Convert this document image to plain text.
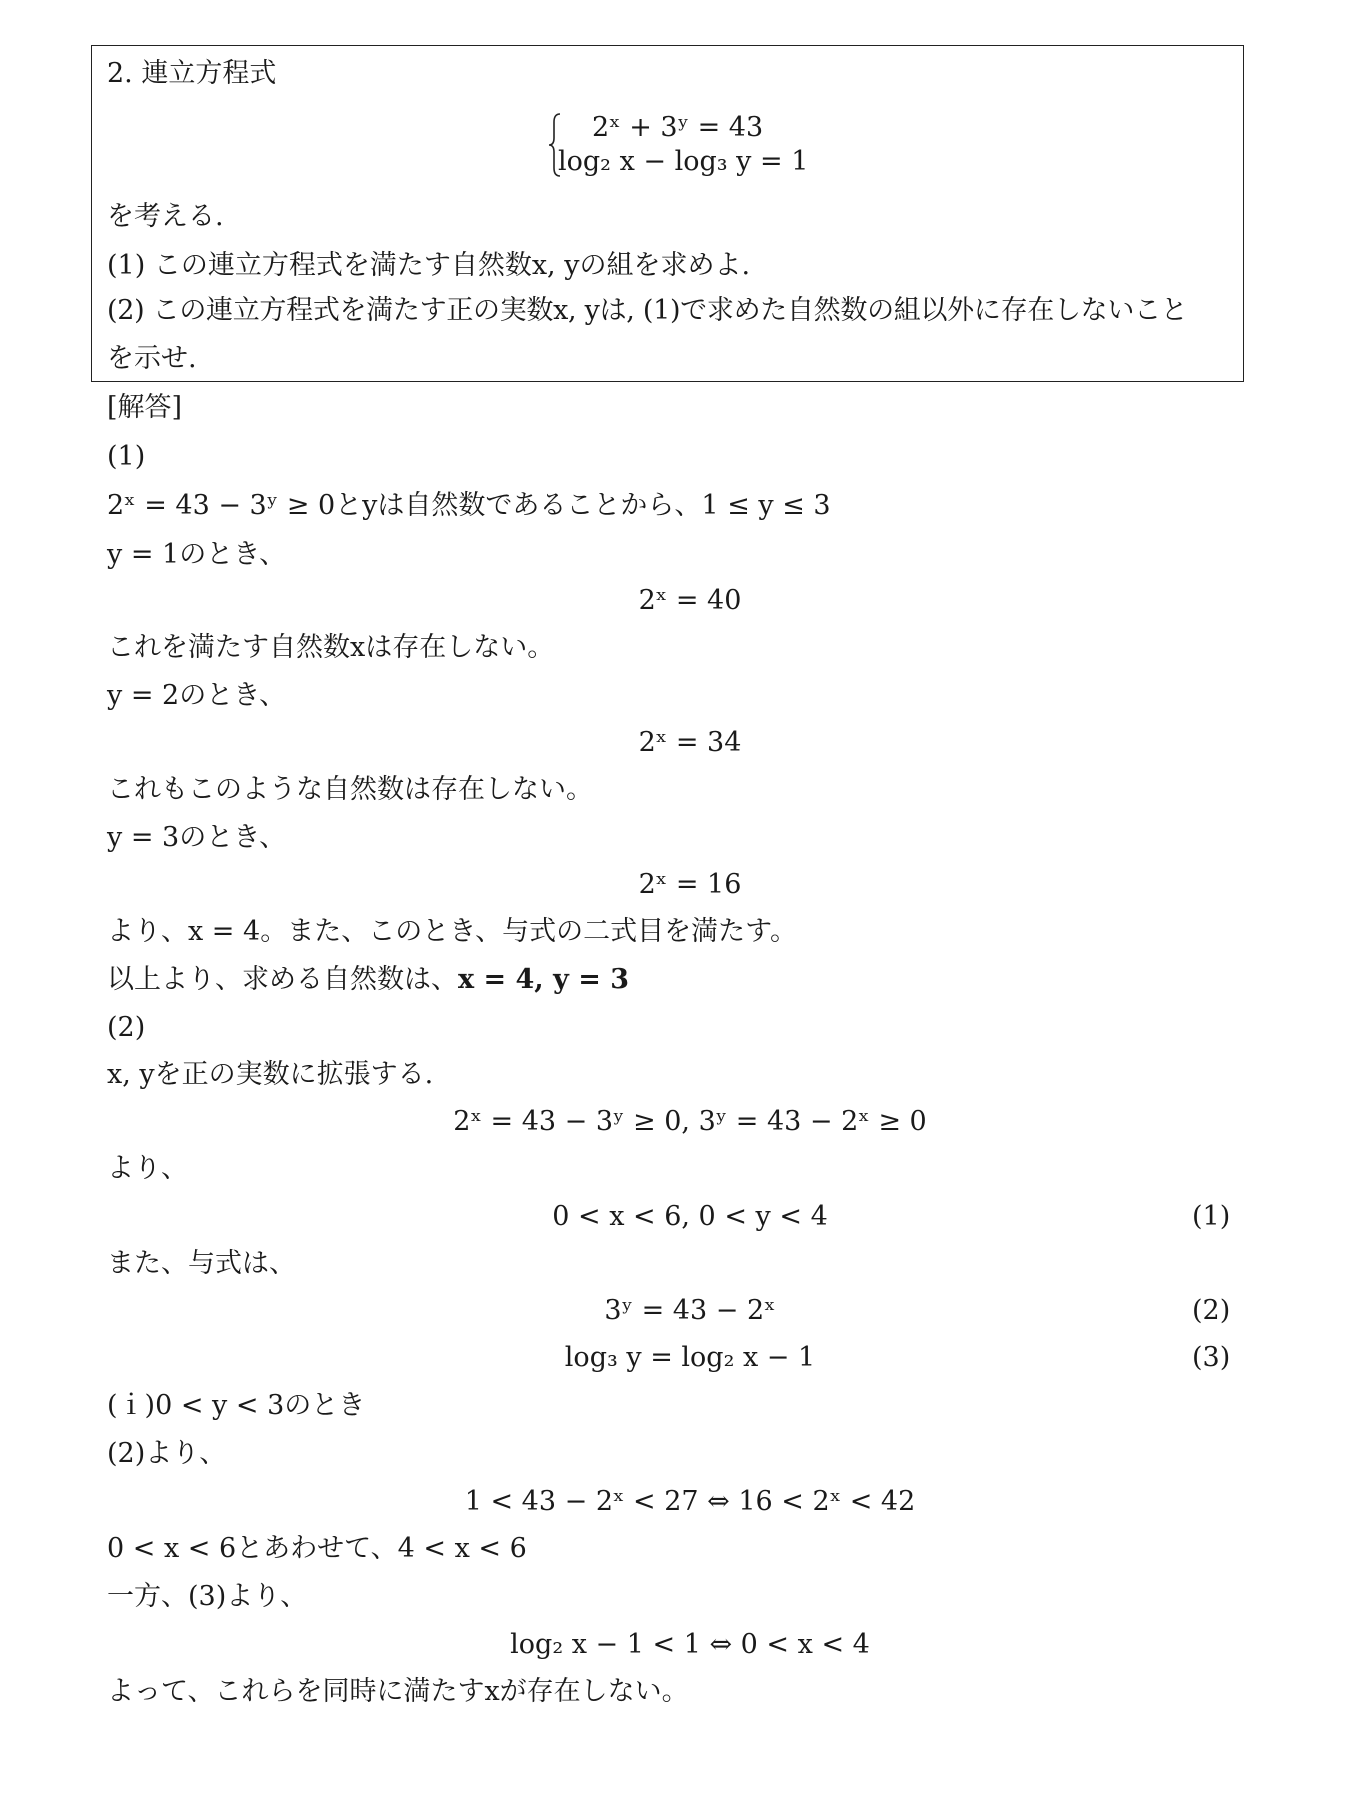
2. 連立方程式
2ˣ + 3ʸ = 43
log₂ x − log₃ y = 1
を考える.
(1) この連立方程式を満たす自然数x, yの組を求めよ.
(2) この連立方程式を満たす正の実数x, yは, (1)で求めた自然数の組以外に存在しないこと
を示せ.
[解答]
(1)
2ˣ = 43 − 3ʸ ≥ 0とyは自然数であることから、1 ≤ y ≤ 3
y = 1のとき、
2ˣ = 40
これを満たす自然数xは存在しない。
y = 2のとき、
2ˣ = 34
これもこのような自然数は存在しない。
y = 3のとき、
2ˣ = 16
より、x = 4。また、このとき、与式の二式目を満たす。
以上より、求める自然数は、x = 4, y = 3
(2)
x, yを正の実数に拡張する.
2ˣ = 43 − 3ʸ ≥ 0, 3ʸ = 43 − 2ˣ ≥ 0
より、
0 < x < 6, 0 < y < 4	(1)
また、与式は、
3ʸ = 43 − 2ˣ	(2)
log₃ y = log₂ x − 1	(3)
(ｉ)0 < y < 3のとき
(2)より、
1 < 43 − 2ˣ < 27 ⇔ 16 < 2ˣ < 42
0 < x < 6とあわせて、4 < x < 6
一方、(3)より、
log₂ x − 1 < 1 ⇔ 0 < x < 4
よって、これらを同時に満たすxが存在しない。
